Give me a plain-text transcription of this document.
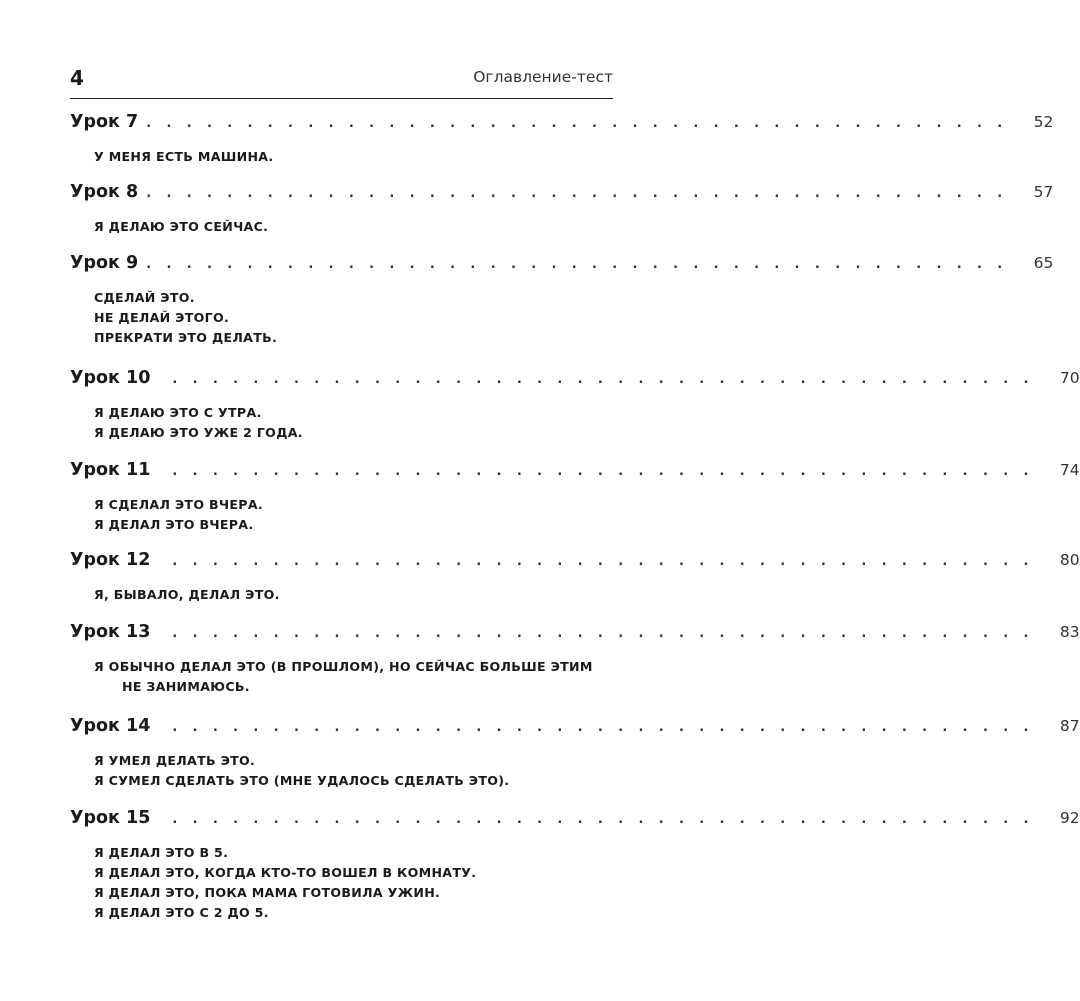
4	Оглавление-тест
Урок 7 . . . . . . . . . . . . . . . . . . . . . . . . . . . . . . . . . . . . . . . . . . . 52
У МЕНЯ ЕСТЬ МАШИНА.
Урок 8 . . . . . . . . . . . . . . . . . . . . . . . . . . . . . . . . . . . . . . . . . . . 57
Я ДЕЛАЮ ЭТО СЕЙЧАС.
Урок 9 . . . . . . . . . . . . . . . . . . . . . . . . . . . . . . . . . . . . . . . . . . . 65
СДЕЛАЙ ЭТО.
НЕ ДЕЛАЙ ЭТОГО.
ПРЕКРАТИ ЭТО ДЕЛАТЬ.
Урок 10 . . . . . . . . . . . . . . . . . . . . . . . . . . . . . . . . . . . . . . . . . . . 70
Я ДЕЛАЮ ЭТО С УТРА.
Я ДЕЛАЮ ЭТО УЖЕ 2 ГОДА.
Урок 11 . . . . . . . . . . . . . . . . . . . . . . . . . . . . . . . . . . . . . . . . . . . 74
Я СДЕЛАЛ ЭТО ВЧЕРА.
Я ДЕЛАЛ ЭТО ВЧЕРА.
Урок 12 . . . . . . . . . . . . . . . . . . . . . . . . . . . . . . . . . . . . . . . . . . . 80
Я, БЫВАЛО, ДЕЛАЛ ЭТО.
Урок 13 . . . . . . . . . . . . . . . . . . . . . . . . . . . . . . . . . . . . . . . . . . . 83
Я ОБЫЧНО ДЕЛАЛ ЭТО (В ПРОШЛОМ), НО СЕЙЧАС БОЛЬШЕ ЭТИМ
НЕ ЗАНИМАЮСЬ.
Урок 14 . . . . . . . . . . . . . . . . . . . . . . . . . . . . . . . . . . . . . . . . . . . 87
Я УМЕЛ ДЕЛАТЬ ЭТО.
Я СУМЕЛ СДЕЛАТЬ ЭТО (МНЕ УДАЛОСЬ СДЕЛАТЬ ЭТО).
Урок 15 . . . . . . . . . . . . . . . . . . . . . . . . . . . . . . . . . . . . . . . . . . . 92
Я ДЕЛАЛ ЭТО В 5.
Я ДЕЛАЛ ЭТО, КОГДА КТО-ТО ВОШЕЛ В КОМНАТУ.
Я ДЕЛАЛ ЭТО, ПОКА МАМА ГОТОВИЛА УЖИН.
Я ДЕЛАЛ ЭТО С 2 ДО 5.
